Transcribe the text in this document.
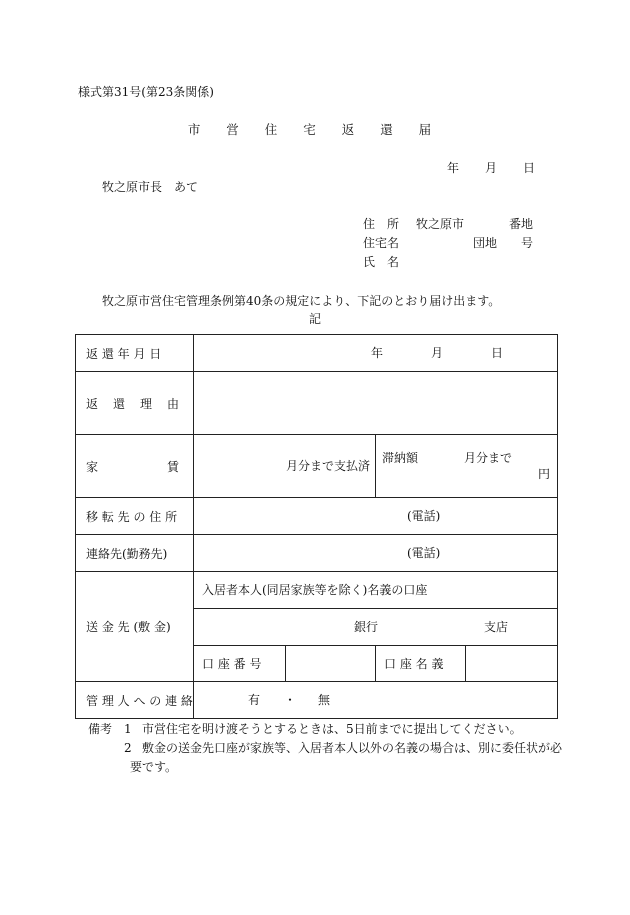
様式第31号(第23条関係)
市 営 住 宅 返 還 届
年 月 日
牧之原市長　あて
住　所 牧之原市	番地
住宅名	団地 号
氏　名
牧之原市営住宅管理条例第40条の規定により、下記のとおり届け出ます。
記
返 還 年 月 日	年 月 日			

返 還 理 由				

家 賃	月分まで支払済		滞納額 月分まで
円	

移 転 先 の 住 所	(電話)			

連絡先(勤務先)	(電話)			

送 金 先 (敷 金)	入居者本人(同居家族等を除く)名義の口座			

	銀行 支店			

	口 座 番 号		口 座 名 義	

管 理 人 へ の 連 絡	有 ・ 無			
備考 1 市営住宅を明け渡そうとするときは、5日前までに提出してください。
2 敷金の送金先口座が家族等、入居者本人以外の名義の場合は、別に委任状が必
要です。
